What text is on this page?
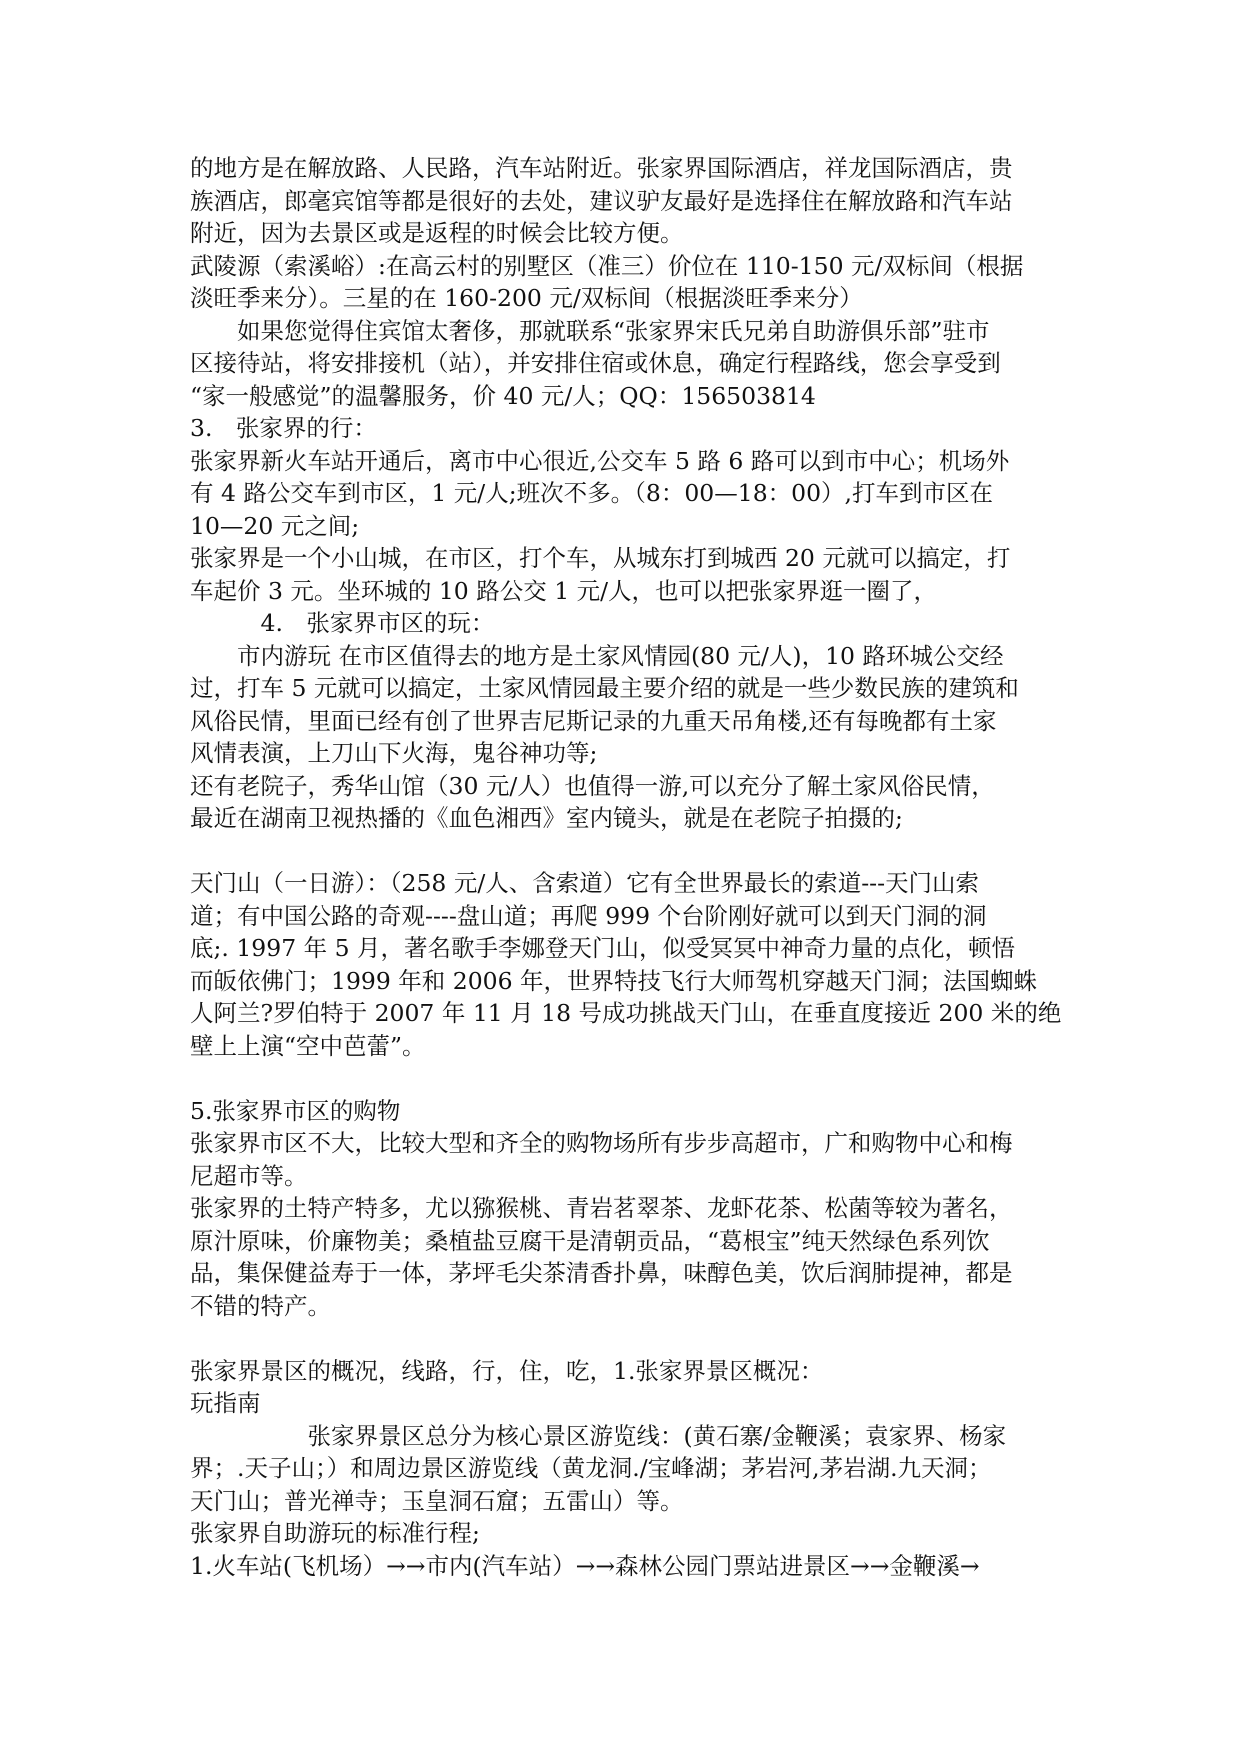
的地方是在解放路、人民路，汽车站附近。张家界国际酒店，祥龙国际酒店，贵
族酒店，郎毫宾馆等都是很好的去处，建议驴友最好是选择住在解放路和汽车站
附近，因为去景区或是返程的时候会比较方便。
武陵源（索溪峪）:在高云村的别墅区（准三）价位在 110-150 元/双标间（根据
淡旺季来分）。三星的在 160-200 元/双标间（根据淡旺季来分）
　　如果您觉得住宾馆太奢侈，那就联系“张家界宋氏兄弟自助游俱乐部”驻市
区接待站，将安排接机（站），并安排住宿或休息，确定行程路线，您会享受到
“家一般感觉”的温馨服务，价 40 元/人；QQ：156503814
3.　张家界的行：
张家界新火车站开通后，离市中心很近,公交车 5 路 6 路可以到市中心；机场外
有 4 路公交车到市区，1 元/人;班次不多。（8：00—18：00）,打车到市区在
10—20 元之间;
张家界是一个小山城，在市区，打个车，从城东打到城西 20 元就可以搞定，打
车起价 3 元。坐环城的 10 路公交 1 元/人，也可以把张家界逛一圈了，
　　　4.　张家界市区的玩：
　　市内游玩 在市区值得去的地方是土家风情园(80 元/人)，10 路环城公交经
过，打车 5 元就可以搞定，土家风情园最主要介绍的就是一些少数民族的建筑和
风俗民情，里面已经有创了世界吉尼斯记录的九重天吊角楼,还有每晚都有土家
风情表演，上刀山下火海，鬼谷神功等;
还有老院子，秀华山馆（30 元/人）也值得一游,可以充分了解土家风俗民情，
最近在湖南卫视热播的《血色湘西》室内镜头，就是在老院子拍摄的;
天门山（一日游）：（258 元/人、含索道）它有全世界最长的索道---天门山索
道；有中国公路的奇观----盘山道；再爬 999 个台阶刚好就可以到天门洞的洞
底;. 1997 年 5 月，著名歌手李娜登天门山，似受冥冥中神奇力量的点化，顿悟
而皈依佛门；1999 年和 2006 年，世界特技飞行大师驾机穿越天门洞；法国蜘蛛
人阿兰?罗伯特于 2007 年 11 月 18 号成功挑战天门山，在垂直度接近 200 米的绝
壁上上演“空中芭蕾”。
5.张家界市区的购物
张家界市区不大，比较大型和齐全的购物场所有步步高超市，广和购物中心和梅
尼超市等。
张家界的土特产特多，尤以猕猴桃、青岩茗翠茶、龙虾花茶、松菌等较为著名，
原汁原味，价廉物美；桑植盐豆腐干是清朝贡品，“葛根宝”纯天然绿色系列饮
品，集保健益寿于一体，茅坪毛尖茶清香扑鼻，味醇色美，饮后润肺提神，都是
不错的特产。
张家界景区的概况，线路，行，住，吃，1.张家界景区概况：
玩指南
　　　　　张家界景区总分为核心景区游览线：(黄石寨/金鞭溪；袁家界、杨家
界；.天子山；）和周边景区游览线（黄龙洞./宝峰湖；茅岩河,茅岩湖.九天洞；
天门山；普光禅寺；玉皇洞石窟；五雷山）等。
张家界自助游玩的标准行程;
1.火车站(飞机场）→→市内(汽车站）→→森林公园门票站进景区→→金鞭溪→
